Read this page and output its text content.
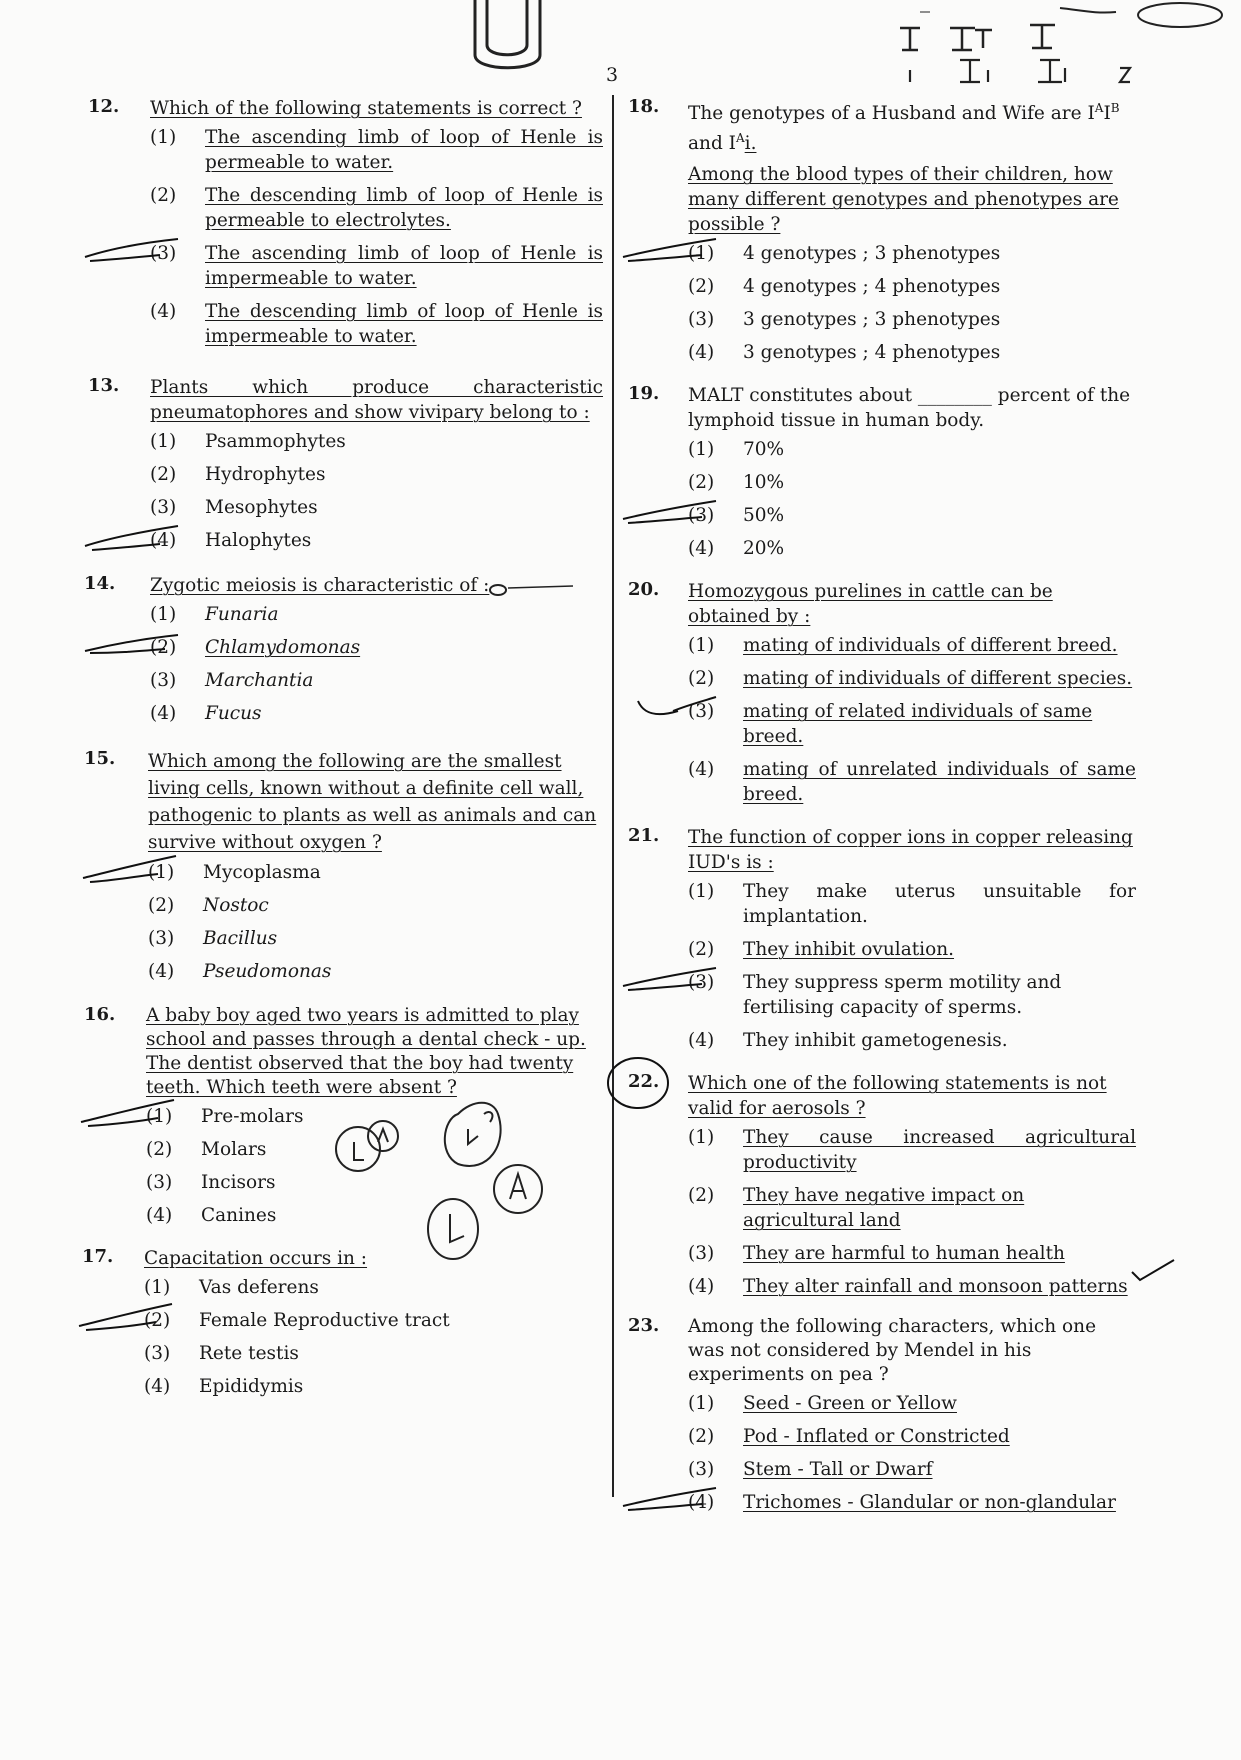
3
12. Which of the following statements is correct ?
(1)	The ascending limb of loop of Henle is permeable to water.
(2)	The descending limb of loop of Henle is permeable to electrolytes.
(3)	The ascending limb of loop of Henle is impermeable to water.
(4)	The descending limb of loop of Henle is impermeable to water.
13. Plants which produce characteristic pneumatophores and show vivipary belong to :
(1)	Psammophytes
(2)	Hydrophytes
(3)	Mesophytes
(4)	Halophytes
14. Zygotic meiosis is characteristic of :
(1)	Funaria
(2)	Chlamydomonas
(3)	Marchantia
(4)	Fucus
15. Which among the following are the smallest living cells, known without a definite cell wall, pathogenic to plants as well as animals and can survive without oxygen ?
(1)	Mycoplasma
(2)	Nostoc
(3)	Bacillus
(4)	Pseudomonas
16. A baby boy aged two years is admitted to play school and passes through a dental check - up. The dentist observed that the boy had twenty teeth. Which teeth were absent ?
(1)	Pre-molars
(2)	Molars
(3)	Incisors
(4)	Canines
17. Capacitation occurs in :
(1)	Vas deferens
(2)	Female Reproductive tract
(3)	Rete testis
(4)	Epididymis
18. The genotypes of a Husband and Wife are $I^AI^B$ and $I^Ai$.
Among the blood types of their children, how many different genotypes and phenotypes are possible ?
(1)	4 genotypes ; 3 phenotypes
(2)	4 genotypes ; 4 phenotypes
(3)	3 genotypes ; 3 phenotypes
(4)	3 genotypes ; 4 phenotypes
19. MALT constitutes about ________ percent of the lymphoid tissue in human body.
(1)	70%
(2)	10%
(3)	50%
(4)	20%
20. Homozygous purelines in cattle can be obtained by :
(1)	mating of individuals of different breed.
(2)	mating of individuals of different species.
(3)	mating of related individuals of same breed.
(4)	mating of unrelated individuals of same breed.
21. The function of copper ions in copper releasing IUD's is :
(1)	They make uterus unsuitable for implantation.
(2)	They inhibit ovulation.
(3)	They suppress sperm motility and fertilising capacity of sperms.
(4)	They inhibit gametogenesis.
22. Which one of the following statements is not valid for aerosols ?
(1)	They cause increased agricultural productivity
(2)	They have negative impact on agricultural land
(3)	They are harmful to human health
(4)	They alter rainfall and monsoon patterns
23. Among the following characters, which one was not considered by Mendel in his experiments on pea ?
(1)	Seed - Green or Yellow
(2)	Pod - Inflated or Constricted
(3)	Stem - Tall or Dwarf
(4)	Trichomes - Glandular or non-glandular
